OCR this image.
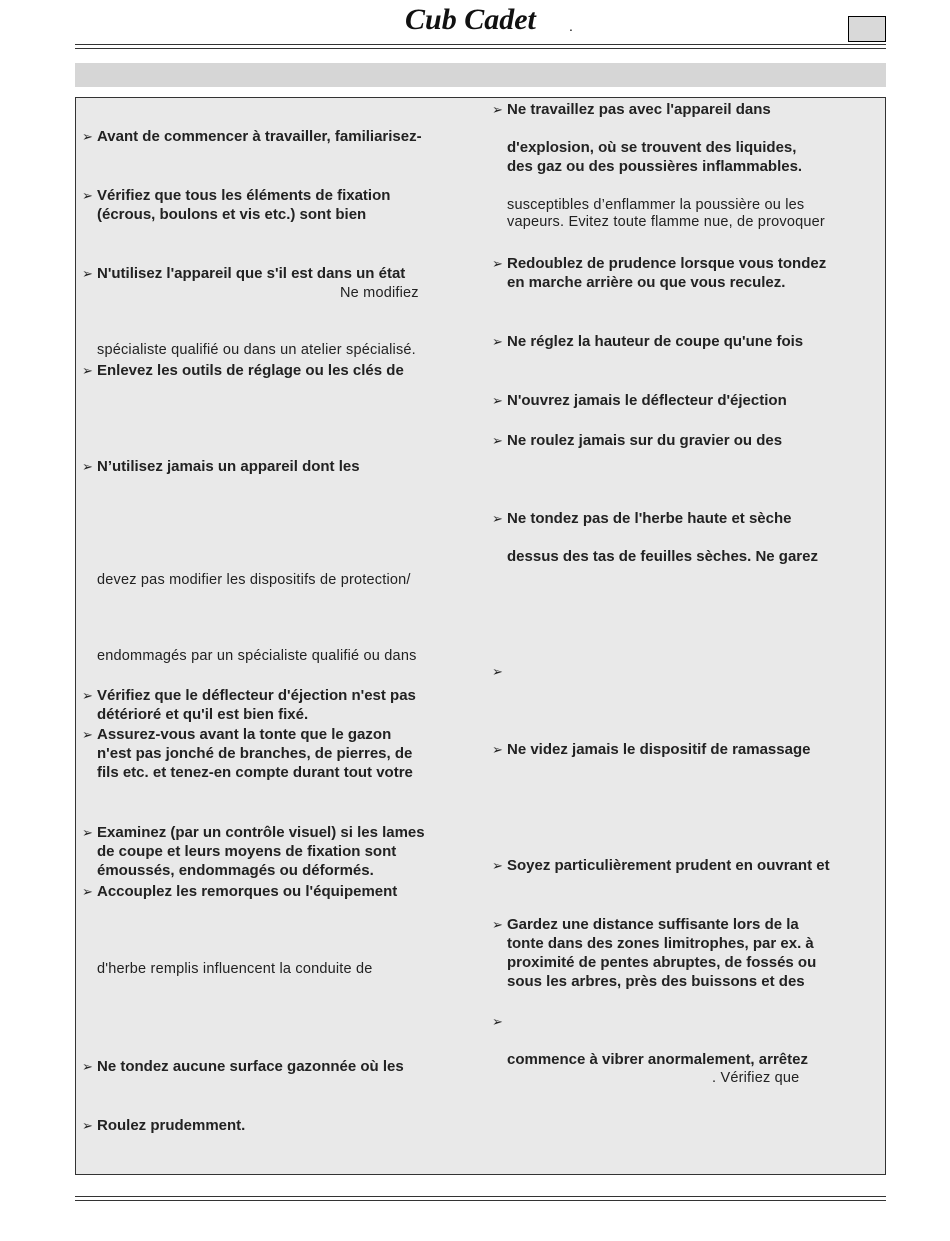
Cub Cadet .
➢ Avant de commencer à travailler, familiarisez-
➢ Vérifiez que tous les éléments de fixation
(écrous, boulons et vis etc.) sont bien
➢ N'utilisez l'appareil que s'il est dans un état
Ne modifiez
spécialiste qualifié ou dans un atelier spécialisé.
➢ Enlevez les outils de réglage ou les clés de
➢ N’utilisez jamais un appareil dont les
devez pas modifier les dispositifs de protection/
endommagés par un spécialiste qualifié ou dans
➢ Vérifiez que le déflecteur d'éjection n'est pas
détérioré et qu'il est bien fixé.
➢ Assurez-vous avant la tonte que le gazon
n'est pas jonché de branches, de pierres, de
fils etc. et tenez-en compte durant tout votre
➢ Examinez (par un contrôle visuel) si les lames
de coupe et leurs moyens de fixation sont
émoussés, endommagés ou déformés.
➢ Accouplez les remorques ou l'équipement
d'herbe remplis influencent la conduite de
➢ Ne tondez aucune surface gazonnée où les
➢ Roulez prudemment.
➢ Ne travaillez pas avec l'appareil dans
d'explosion, où se trouvent des liquides,
des gaz ou des poussières inflammables.
susceptibles d’enflammer la poussière ou les
vapeurs. Evitez toute flamme nue, de provoquer
➢ Redoublez de prudence lorsque vous tondez
en marche arrière ou que vous reculez.
➢ Ne réglez la hauteur de coupe qu'une fois
➢ N'ouvrez jamais le déflecteur d'éjection
➢ Ne roulez jamais sur du gravier ou des
➢ Ne tondez pas de l'herbe haute et sèche
dessus des tas de feuilles sèches. Ne garez
➢
➢ Ne videz jamais le dispositif de ramassage
➢ Soyez particulièrement prudent en ouvrant et
➢ Gardez une distance suffisante lors de la
tonte dans des zones limitrophes, par ex. à
proximité de pentes abruptes, de fossés ou
sous les arbres, près des buissons et des
➢
commence à vibrer anormalement, arrêtez
. Vérifiez que
